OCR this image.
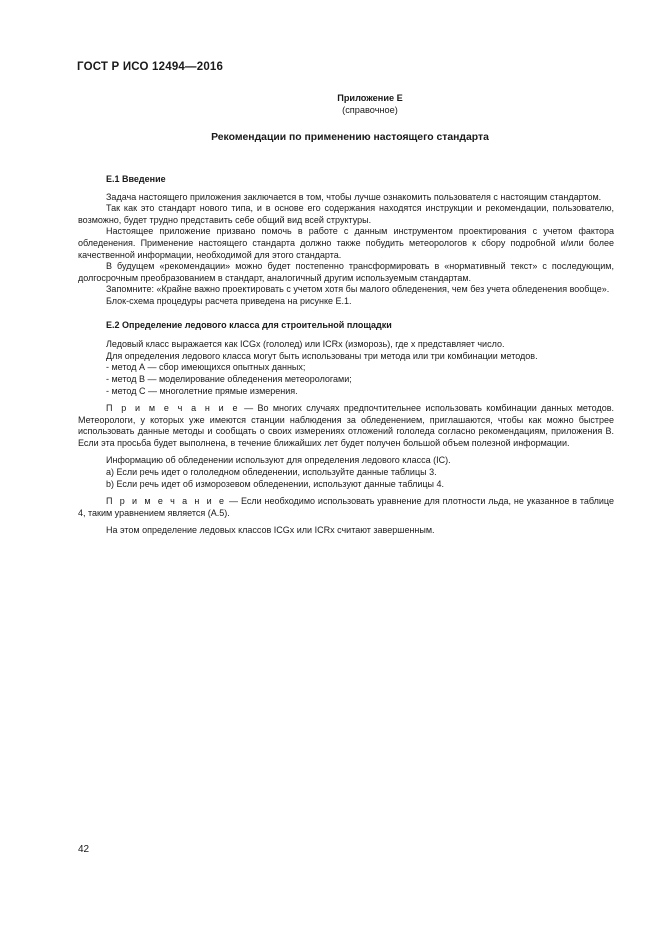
ГОСТ Р ИСО 12494—2016
Приложение Е
(справочное)
Рекомендации по применению настоящего стандарта
Е.1 Введение

Задача настоящего приложения заключается в том, чтобы лучше ознакомить пользователя с настоящим стандартом.

Так как это стандарт нового типа, и в основе его содержания находятся инструкции и рекомендации, пользователю, возможно, будет трудно представить себе общий вид всей структуры.

Настоящее приложение призвано помочь в работе с данным инструментом проектирования с учетом фактора обледенения. Применение настоящего стандарта должно также побудить метеорологов к сбору подробной и/или более качественной информации, необходимой для этого стандарта.

В будущем «рекомендации» можно будет постепенно трансформировать в «нормативный текст» с последующим, долгосрочным преобразованием в стандарт, аналогичный другим используемым стандартам.

Запомните: «Крайне важно проектировать с учетом хотя бы малого обледенения, чем без учета обледенения вообще».

Блок-схема процедуры расчета приведена на рисунке Е.1.

Е.2 Определение ледового класса для строительной площадки

Ледовый класс выражается как ICGx (гололед) или ICRx (изморозь), где x представляет число.

Для определения ледового класса могут быть использованы три метода или три комбинации методов.

- метод А — сбор имеющихся опытных данных;
- метод В — моделирование обледенения метеорологами;
- метод С — многолетние прямые измерения.

П р и м е ч а н и е — Во многих случаях предпочтительнее использовать комбинации данных методов. Метеорологи, у которых уже имеются станции наблюдения за обледенением, приглашаются, чтобы как можно быстрее использовать данные методы и сообщать о своих измерениях отложений гололеда согласно рекомендациям, приложения В. Если эта просьба будет выполнена, в течение ближайших лет будет получен большой объем полезной информации.

Информацию об обледенении используют для определения ледового класса (IC).

a) Если речь идет о гололедном обледенении, используйте данные таблицы 3.
b) Если речь идет об изморозевом обледенении, используют данные таблицы 4.

П р и м е ч а н и е — Если необходимо использовать уравнение для плотности льда, не указанное в таблице 4, таким уравнением является (А.5).

На этом определение ледовых классов ICGx или ICRx считают завершенным.

42
